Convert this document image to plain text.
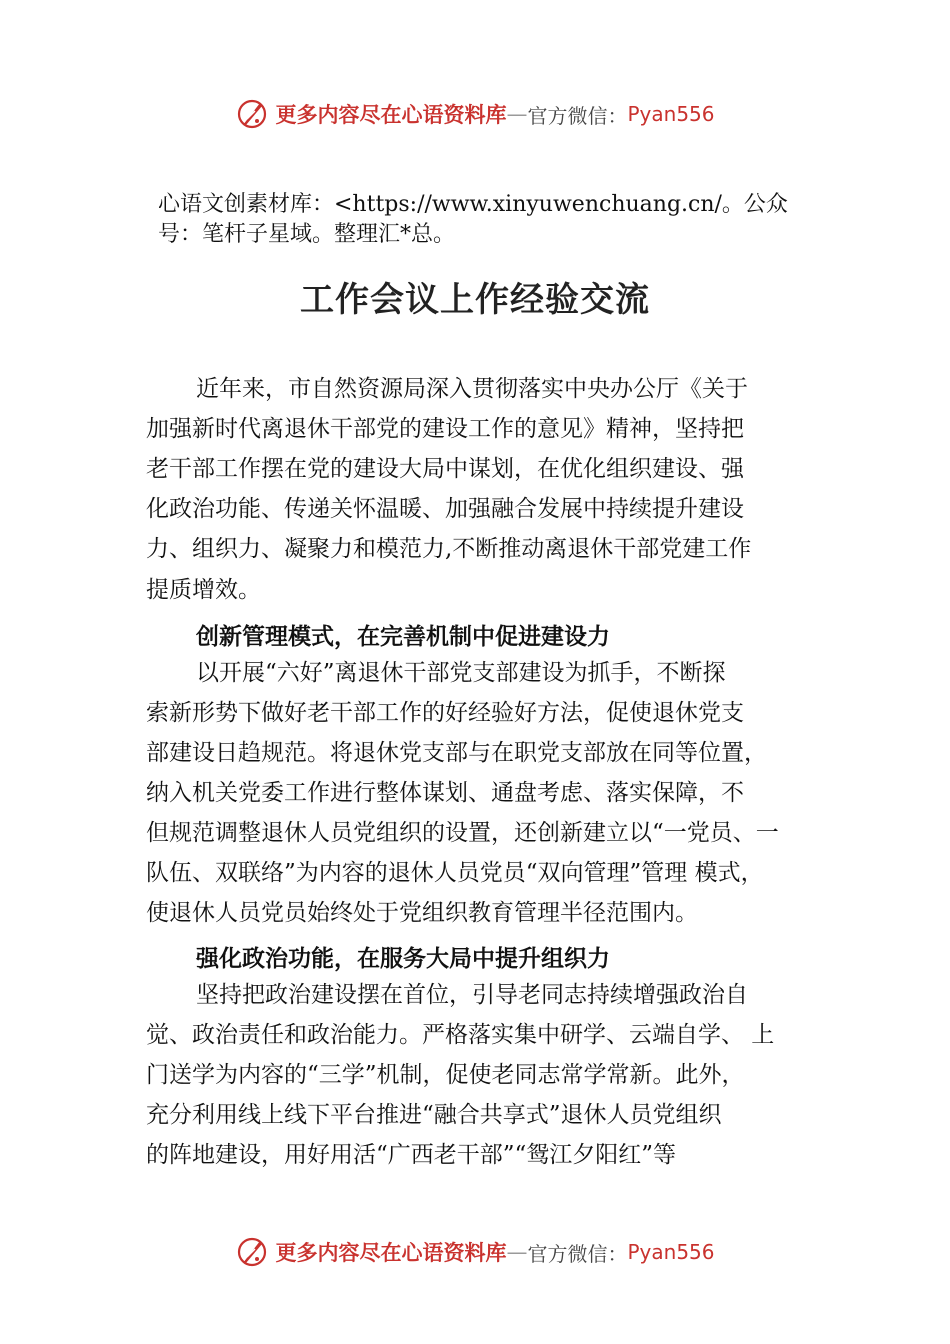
更多内容尽在心语资料库 — 官方微信： Pyan556
心语文创素材库：<https://www.xinyuwenchuang.cn/。公众
号：笔杆子星域。整理汇*总。
工作会议上作经验交流
近年来，市自然资源局深入贯彻落实中央办公厅《关于
加强新时代离退休干部党的建设工作的意见》精神，坚持把
老干部工作摆在党的建设大局中谋划，在优化组织建设、强
化政治功能、传递关怀温暖、加强融合发展中持续提升建设
力、组织力、凝聚力和模范力,不断推动离退休干部党建工作
提质增效。
创新管理模式，在完善机制中促进建设力
以开展“六好”离退休干部党支部建设为抓手，不断探
索新形势下做好老干部工作的好经验好方法，促使退休党支
部建设日趋规范。将退休党支部与在职党支部放在同等位置，
纳入机关党委工作进行整体谋划、通盘考虑、落实保障，不
但规范调整退休人员党组织的设置，还创新建立以“一党员、一
队伍、双联络”为内容的退休人员党员“双向管理”管理 模式，
使退休人员党员始终处于党组织教育管理半径范围内。
强化政治功能，在服务大局中提升组织力
坚持把政治建设摆在首位，引导老同志持续增强政治自
觉、政治责任和政治能力。严格落实集中研学、云端自学、 上
门送学为内容的“三学”机制，促使老同志常学常新。此外，
充分利用线上线下平台推进“融合共享式”退休人员党组织
的阵地建设，用好用活“广西老干部”“鸳江夕阳红”等
更多内容尽在心语资料库 — 官方微信： Pyan556
